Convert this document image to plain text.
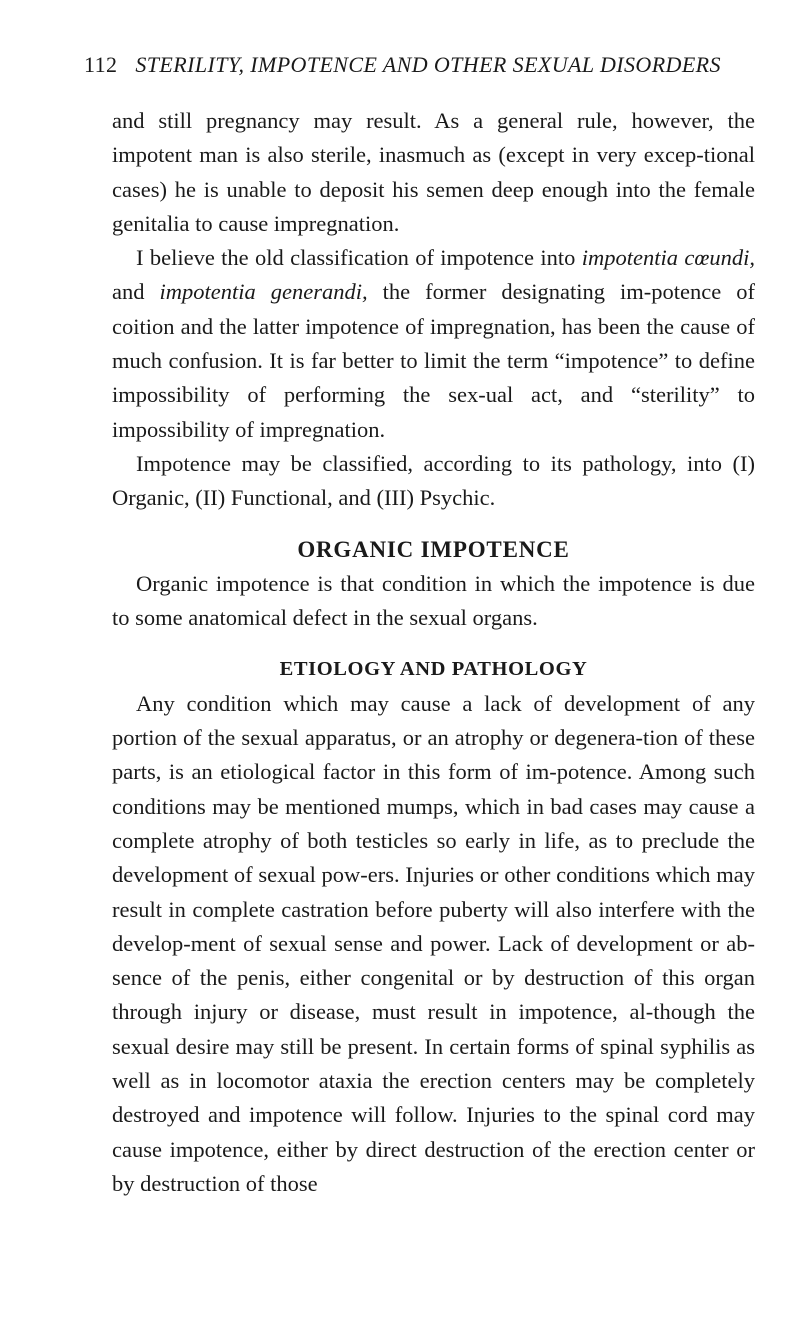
112 STERILITY, IMPOTENCE AND OTHER SEXUAL DISORDERS

and still pregnancy may result. As a general rule, however, the impotent man is also sterile, inasmuch as (except in very excep-tional cases) he is unable to deposit his semen deep enough into the female genitalia to cause impregnation.

I believe the old classification of impotence into impotentia cœundi, and impotentia generandi, the former designating im-potence of coition and the latter impotence of impregnation, has been the cause of much confusion. It is far better to limit the term “impotence” to define impossibility of performing the sex-ual act, and “sterility” to impossibility of impregnation.

Impotence may be classified, according to its pathology, into (I) Organic, (II) Functional, and (III) Psychic.

ORGANIC IMPOTENCE

Organic impotence is that condition in which the impotence is due to some anatomical defect in the sexual organs.

ETIOLOGY AND PATHOLOGY

Any condition which may cause a lack of development of any portion of the sexual apparatus, or an atrophy or degenera-tion of these parts, is an etiological factor in this form of im-potence. Among such conditions may be mentioned mumps, which in bad cases may cause a complete atrophy of both testicles so early in life, as to preclude the development of sexual pow-ers. Injuries or other conditions which may result in complete castration before puberty will also interfere with the develop-ment of sexual sense and power. Lack of development or ab-sence of the penis, either congenital or by destruction of this organ through injury or disease, must result in impotence, al-though the sexual desire may still be present. In certain forms of spinal syphilis as well as in locomotor ataxia the erection centers may be completely destroyed and impotence will follow. Injuries to the spinal cord may cause impotence, either by direct destruction of the erection center or by destruction of those
